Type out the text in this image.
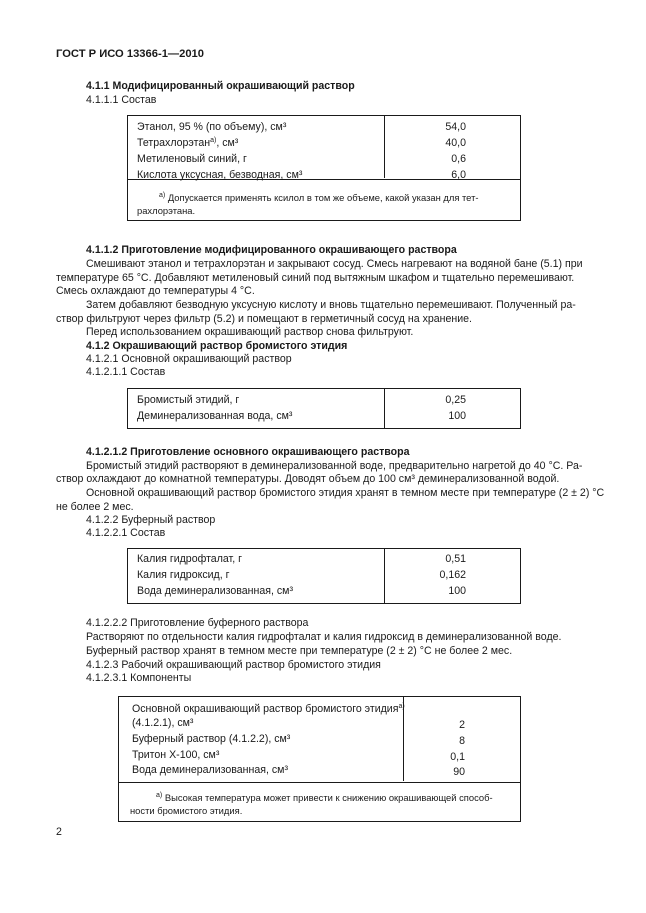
ГОСТ Р ИСО 13366-1—2010
4.1.1 Модифицированный окрашивающий раствор
4.1.1.1 Состав
Этанол, 95 % (по объему), см³	54,0
Тетрахлорэтан$^{а)}$, см³	40,0
Метиленовый синий, г	0,6
Кислота уксусная, безводная, см³	6,0
$^{а)}$ Допускается применять ксилол в том же объеме, какой указан для тет-
рахлорэтана.
4.1.1.2 Приготовление модифицированного окрашивающего раствора
Смешивают этанол и тетрахлорэтан и закрывают сосуд. Смесь нагревают на водяной бане (5.1) при
температуре 65 °С. Добавляют метиленовый синий под вытяжным шкафом и тщательно перемешивают.
Смесь охлаждают до температуры 4 °С.
Затем добавляют безводную уксусную кислоту и вновь тщательно перемешивают. Полученный ра-
створ фильтруют через фильтр (5.2) и помещают в герметичный сосуд на хранение.
Перед использованием окрашивающий раствор снова фильтруют.
4.1.2 Окрашивающий раствор бромистого этидия
4.1.2.1 Основной окрашивающий раствор
4.1.2.1.1 Состав
Бромистый этидий, г	0,25
Деминерализованная вода, см³	100
4.1.2.1.2 Приготовление основного окрашивающего раствора
Бромистый этидий растворяют в деминерализованной воде, предварительно нагретой до 40 °С. Ра-
створ охлаждают до комнатной температуры. Доводят объем до 100 см³ деминерализованной водой.
Основной окрашивающий раствор бромистого этидия хранят в темном месте при температуре (2 ± 2) °С
не более 2 мес.
4.1.2.2 Буферный раствор
4.1.2.2.1 Состав
Калия гидрофталат, г	0,51
Калия гидроксид, г	0,162
Вода деминерализованная, см³	100
4.1.2.2.2 Приготовление буферного раствора
Растворяют по отдельности калия гидрофталат и калия гидроксид в деминерализованной воде.
Буферный раствор хранят в темном месте при температуре (2 ± 2) °С не более 2 мес.
4.1.2.3 Рабочий окрашивающий раствор бромистого этидия
4.1.2.3.1 Компоненты
Основной окрашивающий раствор бромистого этидия$^{а)}$
(4.1.2.1), см³	2
Буферный раствор (4.1.2.2), см³	8
Тритон Х-100, см³	0,1
Вода деминерализованная, см³	90
$^{а)}$ Высокая температура может привести к снижению окрашивающей способ-
ности бромистого этидия.
2
